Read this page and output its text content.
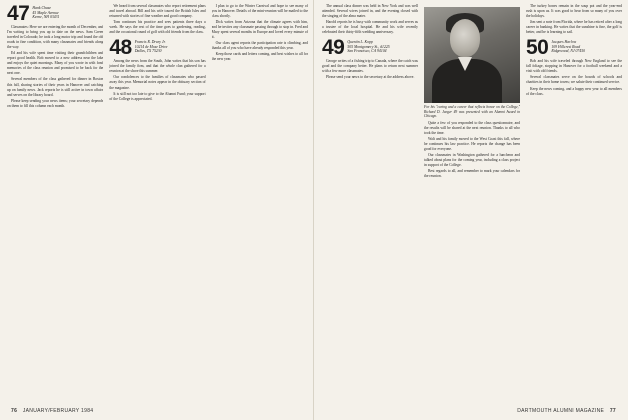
47 Hank Chase
45 Maple Avenue
Keene, NH 03431

Classmates: Here we are entering the month of December, and I'm writing to bring you up to date on the news. Sam Green traveled in Colorado; he took a long motor trip and found the old roads in fine condition, with many classmates and friends along the way.

Ed and his wife spent time visiting their grandchildren and report good health. Bob moved to a new address near the lake and enjoys the quiet mornings. Many of you wrote in with fond memories of the class reunion and promised to be back for the next one.

Several members of the class gathered for dinner in Boston this fall, sharing stories of their years in Hanover and catching up on family news. Jack reports he is still active in town affairs and serves on the library board.

Please keep sending your news items; your secretary depends on them to fill this column each month.

We heard from several classmates who report retirement plans and travel abroad. Bill and his wife toured the British Isles and returned with stories of fine weather and good company.

Tom continues his practice and sees patients three days a week. He says the rest of the time goes to gardening, reading, and the occasional round of golf with old friends from the class.

48 Francis R. Drury Jr.
10214 de Mose Drive
Dallas, TX 75230

Among the news from the South, John writes that his son has joined the family firm, and that the whole clan gathered for a reunion at the shore this summer.

Our condolences to the families of classmates who passed away this year. Memorial notes appear in the obituary section of the magazine.

It is still not too late to give to the Alumni Fund; your support of the College is appreciated.

I plan to go to the Winter Carnival and hope to see many of you in Hanover. Details of the mini-reunion will be mailed to the class shortly.

Dick writes from Arizona that the climate agrees with him, and he invites any classmate passing through to stop in. Fred and Mary spent several months in Europe and loved every minute of it.

Our class agent reports the participation rate is climbing, and thanks all of you who have already responded this year.

Keep those cards and letters coming, and best wishes to all for the new year.

76 JANUARY/FEBRUARY 1984

The annual class dinner was held in New York and was well attended. Several wives joined in, and the evening closed with the singing of the alma mater.

Harold reports he is busy with community work and serves as a trustee of the local hospital. He and his wife recently celebrated their thirty-fifth wedding anniversary.

49 Quentin L. Kopp
505 Montgomery St., #1225
San Francisco, CA 94104

George writes of a fishing trip to Canada, where the catch was good and the company better. He plans to return next summer with a few more classmates.

Please send your news to the secretary at the address above.

For his "caring and a career that reflects honor on the College," Richard D. Jaeger 49 was presented with an Alumni Award in Chicago.

Quite a few of you responded to the class questionnaire, and the results will be shared at the next reunion. Thanks to all who took the time.

Walt and his family moved to the West Coast this fall, where he continues his law practice. He reports the change has been good for everyone.

Our classmates in Washington gathered for a luncheon and talked about plans for the coming year, including a class project in support of the College.

Best regards to all, and remember to mark your calendars for the reunion.

The turkey bones remain in the soup pot and the year-end rush is upon us. It was good to hear from so many of you over the holidays.

Jim sent a note from Florida, where he has retired after a long career in banking. He writes that the sunshine is fine, the golf is better, and he is learning to sail.

50 Jacques Harlow
109 Hillcrest Road
Ridgewood, NJ 07450

Bob and his wife traveled through New England to see the fall foliage, stopping in Hanover for a football weekend and a visit with old friends.

Several classmates serve on the boards of schools and charities in their home towns; we salute their continued service.

Keep the news coming, and a happy new year to all members of the class.

DARTMOUTH ALUMNI MAGAZINE 77
